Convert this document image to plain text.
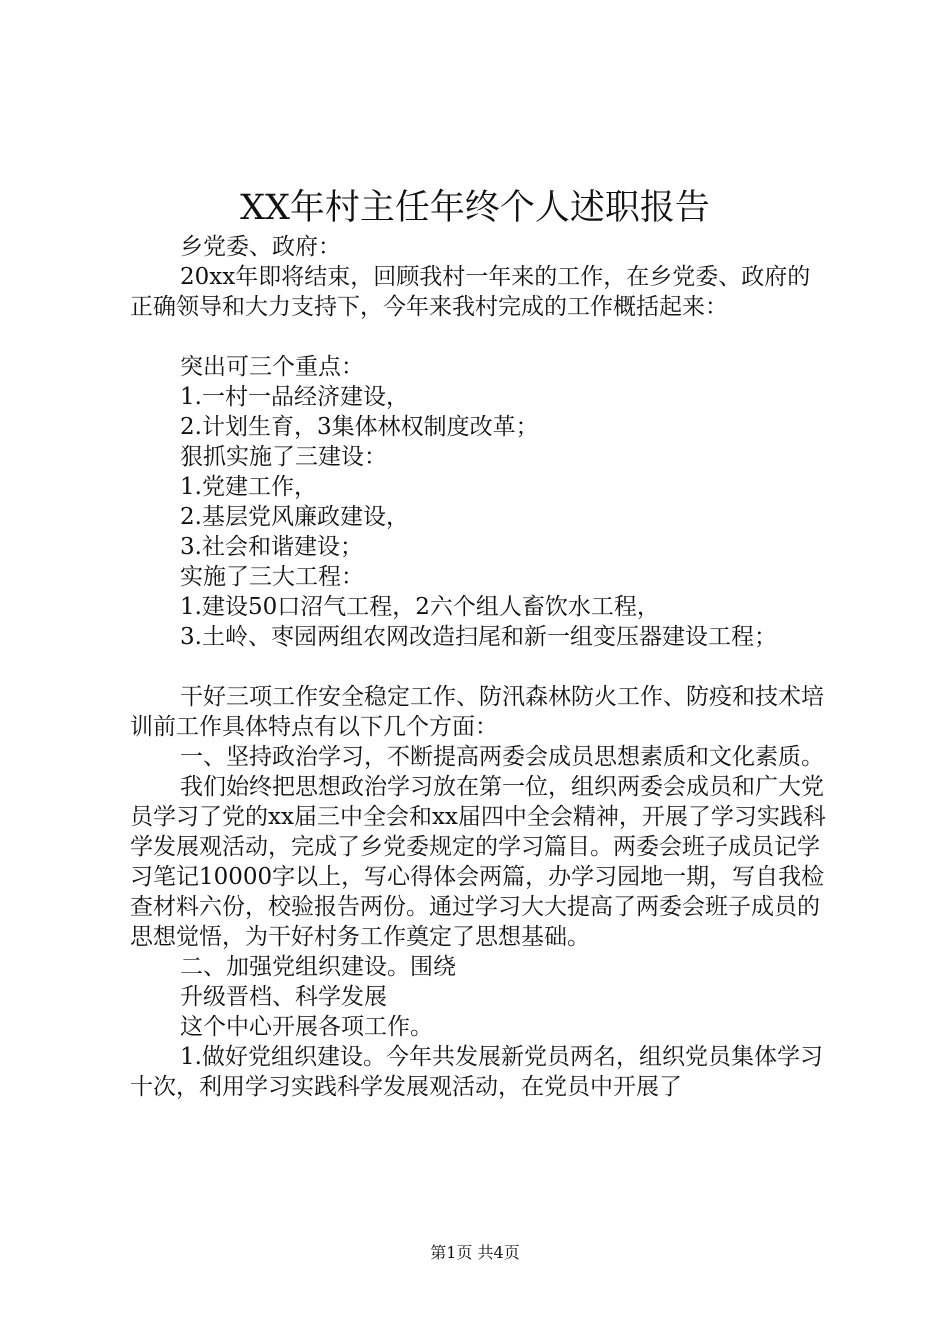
XX年村主任年终个人述职报告

乡党委、政府：

20xx年即将结束，回顾我村一年来的工作，在乡党委、政府的正确领导和大力支持下，今年来我村完成的工作概括起来：

突出可三个重点：

1.一村一品经济建设，

2.计划生育，3集体林权制度改革；

狠抓实施了三建设：

1.党建工作，

2.基层党风廉政建设，

3.社会和谐建设；

实施了三大工程：

1.建设50口沼气工程，2六个组人畜饮水工程，

3.土岭、枣园两组农网改造扫尾和新一组变压器建设工程；

干好三项工作安全稳定工作、防汛森林防火工作、防疫和技术培训前工作具体特点有以下几个方面：

一、坚持政治学习，不断提高两委会成员思想素质和文化素质。

我们始终把思想政治学习放在第一位，组织两委会成员和广大党员学习了党的xx届三中全会和xx届四中全会精神，开展了学习实践科学发展观活动，完成了乡党委规定的学习篇目。两委会班子成员记学习笔记10000字以上，写心得体会两篇，办学习园地一期，写自我检查材料六份，校验报告两份。通过学习大大提高了两委会班子成员的思想觉悟，为干好村务工作奠定了思想基础。

二、加强党组织建设。围绕

升级晋档、科学发展

这个中心开展各项工作。

1.做好党组织建设。今年共发展新党员两名，组织党员集体学习十次，利用学习实践科学发展观活动，在党员中开展了

第1页 共4页
